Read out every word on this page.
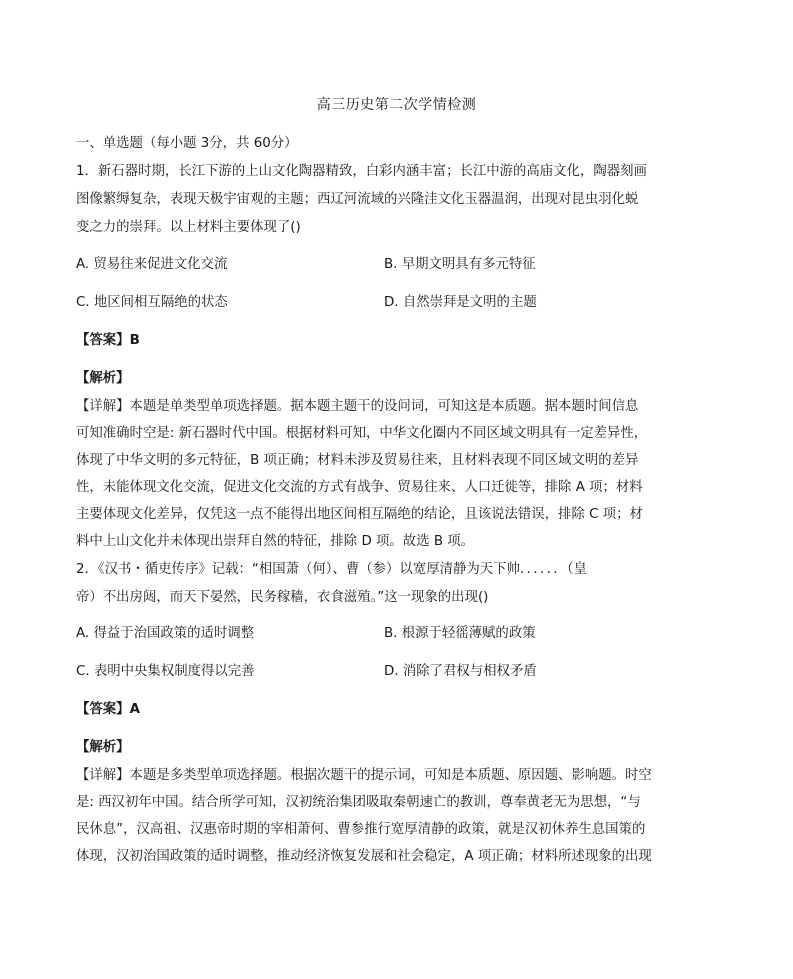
高三历史第二次学情检测
一、单选题（每小题 3分，共 60分）
1．新石器时期，长江下游的上山文化陶器精致，白彩内涵丰富；长江中游的高庙文化，陶器刻画
图像繁缛复杂，表现天极宇宙观的主题；西辽河流域的兴隆洼文化玉器温润，出现对昆虫羽化蜕
变之力的崇拜。以上材料主要体现了()
A. 贸易往来促进文化交流	B. 早期文明具有多元特征
C. 地区间相互隔绝的状态	D. 自然崇拜是文明的主题
【答案】B
【解析】
【详解】本题是单类型单项选择题。据本题主题干的设问词，可知这是本质题。据本题时间信息
可知准确时空是: 新石器时代中国。根据材料可知，中华文化圈内不同区域文明具有一定差异性，
体现了中华文明的多元特征，B 项正确；材料未涉及贸易往来，且材料表现不同区域文明的差异
性，未能体现文化交流，促进文化交流的方式有战争、贸易往来、人口迁徙等，排除 A 项；材料
主要体现文化差异，仅凭这一点不能得出地区间相互隔绝的结论，且该说法错误，排除 C 项；材
料中上山文化并未体现出崇拜自然的特征，排除 D 项。故选 B 项。
2．《汉书・循吏传序》记载：“相国萧（何）、曹（参）以宽厚清静为天下帅．．．．．．（皇
帝）不出房闼，而天下晏然，民务稼穑，衣食滋殖。”这一现象的出现()
A. 得益于治国政策的适时调整	B. 根源于轻徭薄赋的政策
C. 表明中央集权制度得以完善	D. 消除了君权与相权矛盾
【答案】A
【解析】
【详解】本题是多类型单项选择题。根据次题干的提示词，可知是本质题、原因题、影响题。时空
是: 西汉初年中国。结合所学可知，汉初统治集团吸取秦朝速亡的教训，尊奉黄老无为思想，“与
民休息”，汉高祖、汉惠帝时期的宰相萧何、曹参推行宽厚清静的政策，就是汉初休养生息国策的
体现，汉初治国政策的适时调整，推动经济恢复发展和社会稳定，A 项正确；材料所述现象的出现
